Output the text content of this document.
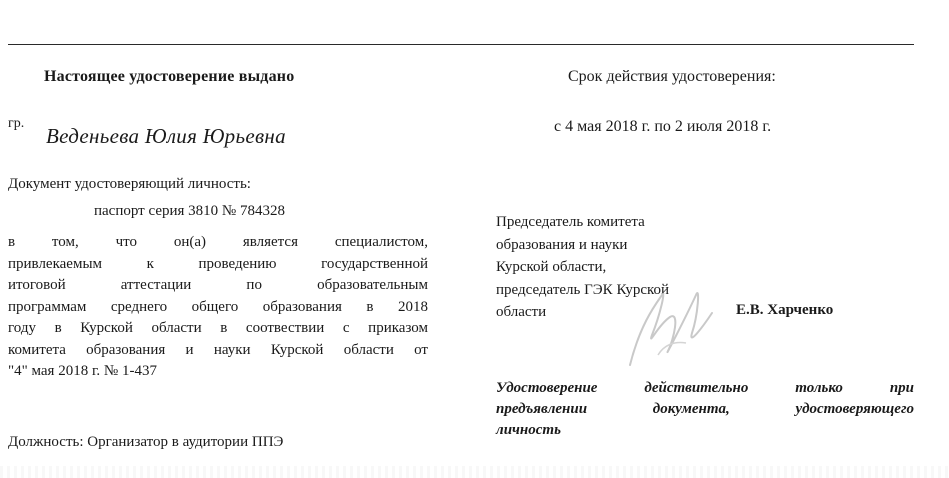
Настоящее удостоверение выдано
гр.
Веденьева Юлия Юрьевна
Документ удостоверяющий личность:
паспорт серия 3810 № 784328
в том, что он(а) является специалистом,
привлекаемым к проведению государственной
итоговой аттестации по образовательным
программам среднего общего образования в 2018
году в Курской области в соотвествии с приказом
комитета образования и науки Курской области от
"4" мая 2018 г. № 1-437
Должность: Организатор в аудитории ППЭ
Срок действия удостоверения:
с 4 мая 2018 г. по 2 июля 2018 г.
Председатель комитета
образования и науки
Курской области,
председатель ГЭК Курской
области	Е.В. Харченко
Удостоверение действительно только при
предъявлении документа, удостоверяющего
личность
